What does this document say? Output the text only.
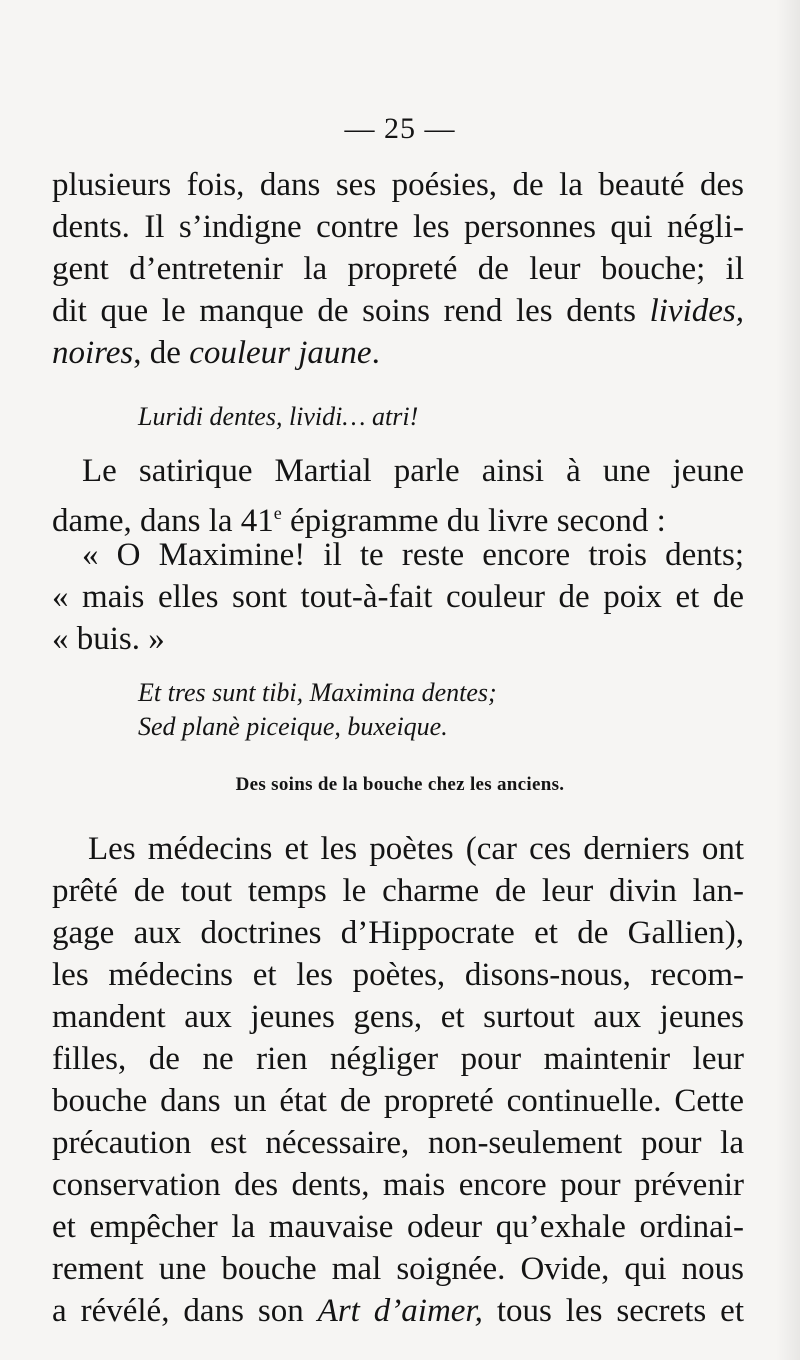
— 25 —
plusieurs fois, dans ses poésies, de la beauté des
dents. Il s’indigne contre les personnes qui négli-
gent d’entretenir la propreté de leur bouche; il
dit que le manque de soins rend les dents livides,
noires, de couleur jaune.
Luridi dentes, lividi… atri!
Le satirique Martial parle ainsi à une jeune
dame, dans la 41e épigramme du livre second :
« O Maximine! il te reste encore trois dents;
« mais elles sont tout-à-fait couleur de poix et de
« buis. »
Et tres sunt tibi, Maximina dentes;
Sed planè piceique, buxeique.
Des soins de la bouche chez les anciens.
Les médecins et les poètes (car ces derniers ont
prêté de tout temps le charme de leur divin lan-
gage aux doctrines d’Hippocrate et de Gallien),
les médecins et les poètes, disons-nous, recom-
mandent aux jeunes gens, et surtout aux jeunes
filles, de ne rien négliger pour maintenir leur
bouche dans un état de propreté continuelle. Cette
précaution est nécessaire, non-seulement pour la
conservation des dents, mais encore pour prévenir
et empêcher la mauvaise odeur qu’exhale ordinai-
rement une bouche mal soignée. Ovide, qui nous
a révélé, dans son Art d’aimer, tous les secrets et
